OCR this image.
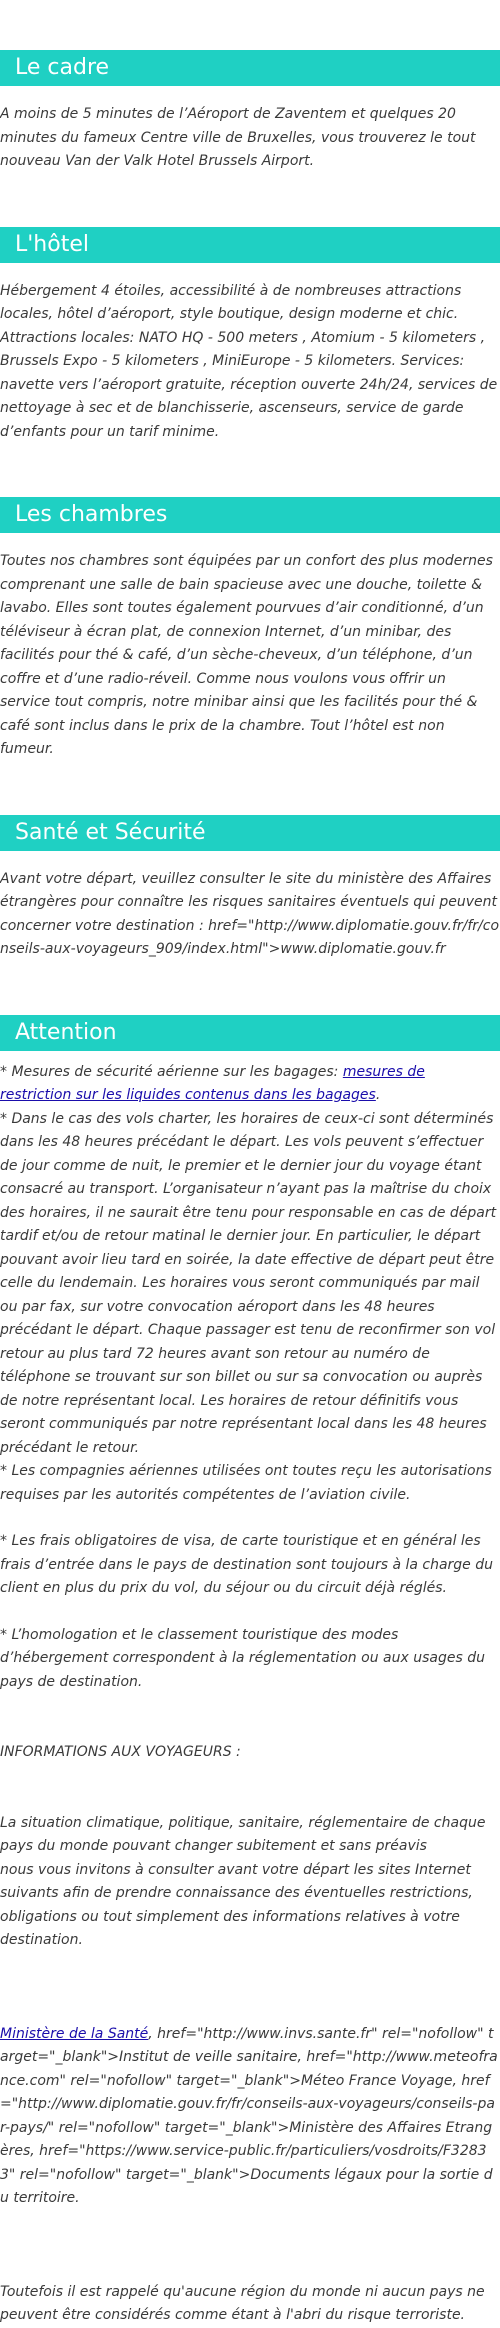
Le cadre

A moins de 5 minutes de l’Aéroport de Zaventem et quelques 20 minutes du fameux Centre ville de Bruxelles, vous trouverez le tout nouveau Van der Valk Hotel Brussels Airport.

L'hôtel

Hébergement 4 étoiles, accessibilité à de nombreuses attractions locales, hôtel d’aéroport, style boutique, design moderne et chic. Attractions locales: NATO HQ - 500 meters , Atomium - 5 kilometers , Brussels Expo - 5 kilometers , MiniEurope - 5 kilometers. Services: navette vers l’aéroport gratuite, réception ouverte 24h/24, services de nettoyage à sec et de blanchisserie, ascenseurs, service de garde d’enfants pour un tarif minime.

Les chambres

Toutes nos chambres sont équipées par un confort des plus modernes comprenant une salle de bain spacieuse avec une douche, toilette & lavabo. Elles sont toutes également pourvues d’air conditionné, d’un téléviseur à écran plat, de connexion Internet, d’un minibar, des facilités pour thé & café, d’un sèche-cheveux, d’un téléphone, d’un coffre et d’une radio-réveil. Comme nous voulons vous offrir un service tout compris, notre minibar ainsi que les facilités pour thé & café sont inclus dans le prix de la chambre. Tout l’hôtel est non fumeur.

Santé et Sécurité

Avant votre départ, veuillez consulter le site du ministère des Affaires étrangères pour connaître les risques sanitaires éventuels qui peuvent concerner votre destination : href="http://www.diplomatie.gouv.fr/fr/conseils-aux-voyageurs_909/index.html">www.diplomatie.gouv.fr

Attention

* Mesures de sécurité aérienne sur les bagages: mesures de restriction sur les liquides contenus dans les bagages.

* Dans le cas des vols charter, les horaires de ceux-ci sont déterminés dans les 48 heures précédant le départ. Les vols peuvent s’effectuer de jour comme de nuit, le premier et le dernier jour du voyage étant consacré au transport. L’organisateur n’ayant pas la maîtrise du choix des horaires, il ne saurait être tenu pour responsable en cas de départ tardif et/ou de retour matinal le dernier jour. En particulier, le départ pouvant avoir lieu tard en soirée, la date effective de départ peut être celle du lendemain. Les horaires vous seront communiqués par mail ou par fax, sur votre convocation aéroport dans les 48 heures précédant le départ. Chaque passager est tenu de reconfirmer son vol retour au plus tard 72 heures avant son retour au numéro de téléphone se trouvant sur son billet ou sur sa convocation ou auprès de notre représentant local. Les horaires de retour définitifs vous seront communiqués par notre représentant local dans les 48 heures précédant le retour.

* Les compagnies aériennes utilisées ont toutes reçu les autorisations requises par les autorités compétentes de l’aviation civile.

* Les frais obligatoires de visa, de carte touristique et en général les frais d’entrée dans le pays de destination sont toujours à la charge du client en plus du prix du vol, du séjour ou du circuit déjà réglés.

* L’homologation et le classement touristique des modes d’hébergement correspondent à la réglementation ou aux usages du pays de destination.

INFORMATIONS AUX VOYAGEURS :

La situation climatique, politique, sanitaire, réglementaire de chaque pays du monde pouvant changer subitement et sans préavis

nous vous invitons à consulter avant votre départ les sites Internet suivants afin de prendre connaissance des éventuelles restrictions, obligations ou tout simplement des informations relatives à votre destination.

Ministère de la Santé, href="http://www.invs.sante.fr" rel="nofollow" target="_blank">Institut de veille sanitaire, href="http://www.meteofrance.com" rel="nofollow" target="_blank">Méteo France Voyage, href="http://www.diplomatie.gouv.fr/fr/conseils-aux-voyageurs/conseils-par-pays/" rel="nofollow" target="_blank">Ministère des Affaires Etrangères, href="https://www.service-public.fr/particuliers/vosdroits/F32833" rel="nofollow" target="_blank">Documents légaux pour la sortie du territoire.

Toutefois il est rappelé qu'aucune région du monde ni aucun pays ne peuvent être considérés comme étant à l'abri du risque terroriste.
